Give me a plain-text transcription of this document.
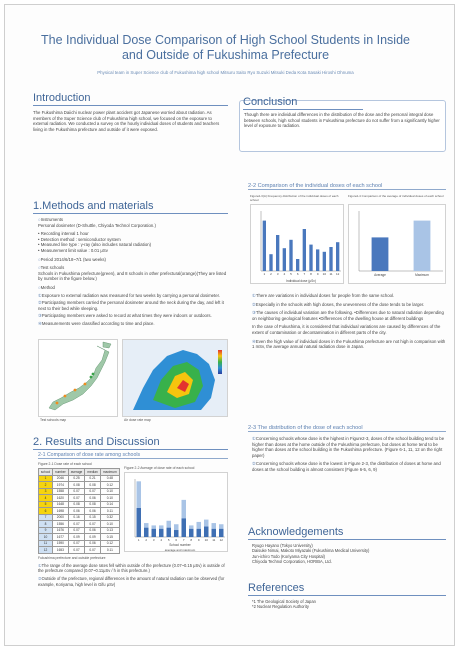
The Individual Dose Comparison of High School Students in Inside
and Outside of Fukushima Prefecture
Physical team in Super Science club of Fukushima high school Mitsuru Saito Ryo Suzuki Mitsuki Deda Kota Sasaki Hiroshi Ohnuma
Introduction
The Fukushima Daiichi nuclear power plant accident got Japanese worried about radiation. As members of the Super Science club of Fukushima high school, we focused on the exposure to external radiation. We conducted a survey on the hourly individual doses of students and teachers living in the Fukushima prefecture and outside of it were exposed.
Conclusion
Though there are individual differences in the distribution of the dose and the personal integral dose between schools, high school students in Fukushima prefecture do not suffer from a significantly higher level of exposure to radiation.
1.Methods and materials
○Instruments
Personal dosimeter (D-Shuttle, Chiyoda Technol Corporation.)
• Recording interval 1 hour
• Detection method : semiconductor system
• Measured line type : γ-ray (also includes natural radiation)
• Measurement limit value : 0.01 μSv
○Period 2014/6/18~7/1 (two weeks)
○Test schools
Schools in Fukushima prefecture(green), and 8 schools in other prefectural(orange)(They are listed by number in the figure below.)
○Method
①Exposure to external radiation was measured for two weeks by carrying a personal dosimeter.
②Participating members carried the personal dosimeter around the neck during the day, and left it next to their bed while sleeping.
③Participating members were asked to record at what times they were indoors or outdoors.
④Measurements were classified according to time and place.
Test schools map	Air dose rate map
2. Results and Discussion
2-1 Comparison of dose rate among schools
Figure 2-1 Dose rate of each school
school	number	average	median	maximum
1	2046	0.25	0.21	0.48
2	1974	0.08	0.08	0.12
3	1558	0.07	0.07	0.10
4	1620	0.07	0.06	0.10
5	1648	0.08	0.08	0.14
6	1698	0.06	0.06	0.11
7	2000	0.16	0.15	0.32
8	1556	0.07	0.07	0.10
9	1676	0.07	0.06	0.13
10	1677	0.09	0.09	0.15
11	1590	0.07	0.06	0.12
12	1653	0.07	0.07	0.11
Fukushima prefecture and outside prefecture
Figure 2-2 Average of dose rate of each school
1 2 3 4 5 6 7 8 9 10 11 12
School number
average and maximum
①The range of the average dose rates fell within outside of the prefecture (0.07~0.15 μSv) is outside of the prefecture compared (0.07~0.11μSv / h in this prefecture.)
②Outside of the prefecture, regional differences in the amount of natural radiation can be observed (for example, Koriyama, high level in Gifu μSv)
2-2 Comparison of the individual doses of each school
Figure2-3(A) Frequency distribution of the individual doses of each school
1 2 3 4 5 6 7 8 9 10 11 12
Individual dose (μSv)
Figure2-4 Comparison of the average of individual doses of each school
Average	Maximum
①There are variations in individual doses for people from the same school.
②Especially in the schools with high doses, the unevenness of the dose tends to be larger.
③The causes of individual variation are the following. •Differences due to natural radiation depending on neighboring geological features •Differences of the dwelling house at different buildings
In the case of Fukushima, it is considered that individual variations are caused by differences of the extent of contamination or decontamination in different parts of the city.
④Even the high value of individual doses in the Fukushima prefecture are not high in comparison with 1 mSv, the average annual natural radiation dose in Japan.
2-3 The distribution of the dose of each school
①Concerning schools whose dose is the highest in Figure2-3, doses of the school building tend to be higher than doses at the home outside of the Fukushima prefecture, but doses at home tend to be higher than doses at the school building in the Fukushima prefecture. (Figure 6-1, 11, 12 on the right paper)
②Concerning schools whose dose is the lowest in Figure 2-3, the distribution of doses at home and doses at the school building is almost consistent (Figure 6-5, 6, 9)
Acknowledgements
Ryugo Hayano (Tokyo University)
Daisuke Nimai, Makoto Miyazaki (Fukushima Medical University)
Jun-ichiro Todo (Koriyama City Hospital)
Chiyoda Technol Corporation, HORIBA, Ltd.
References
*1 The Geological Society of Japan
*2 Nuclear Regulation Authority
